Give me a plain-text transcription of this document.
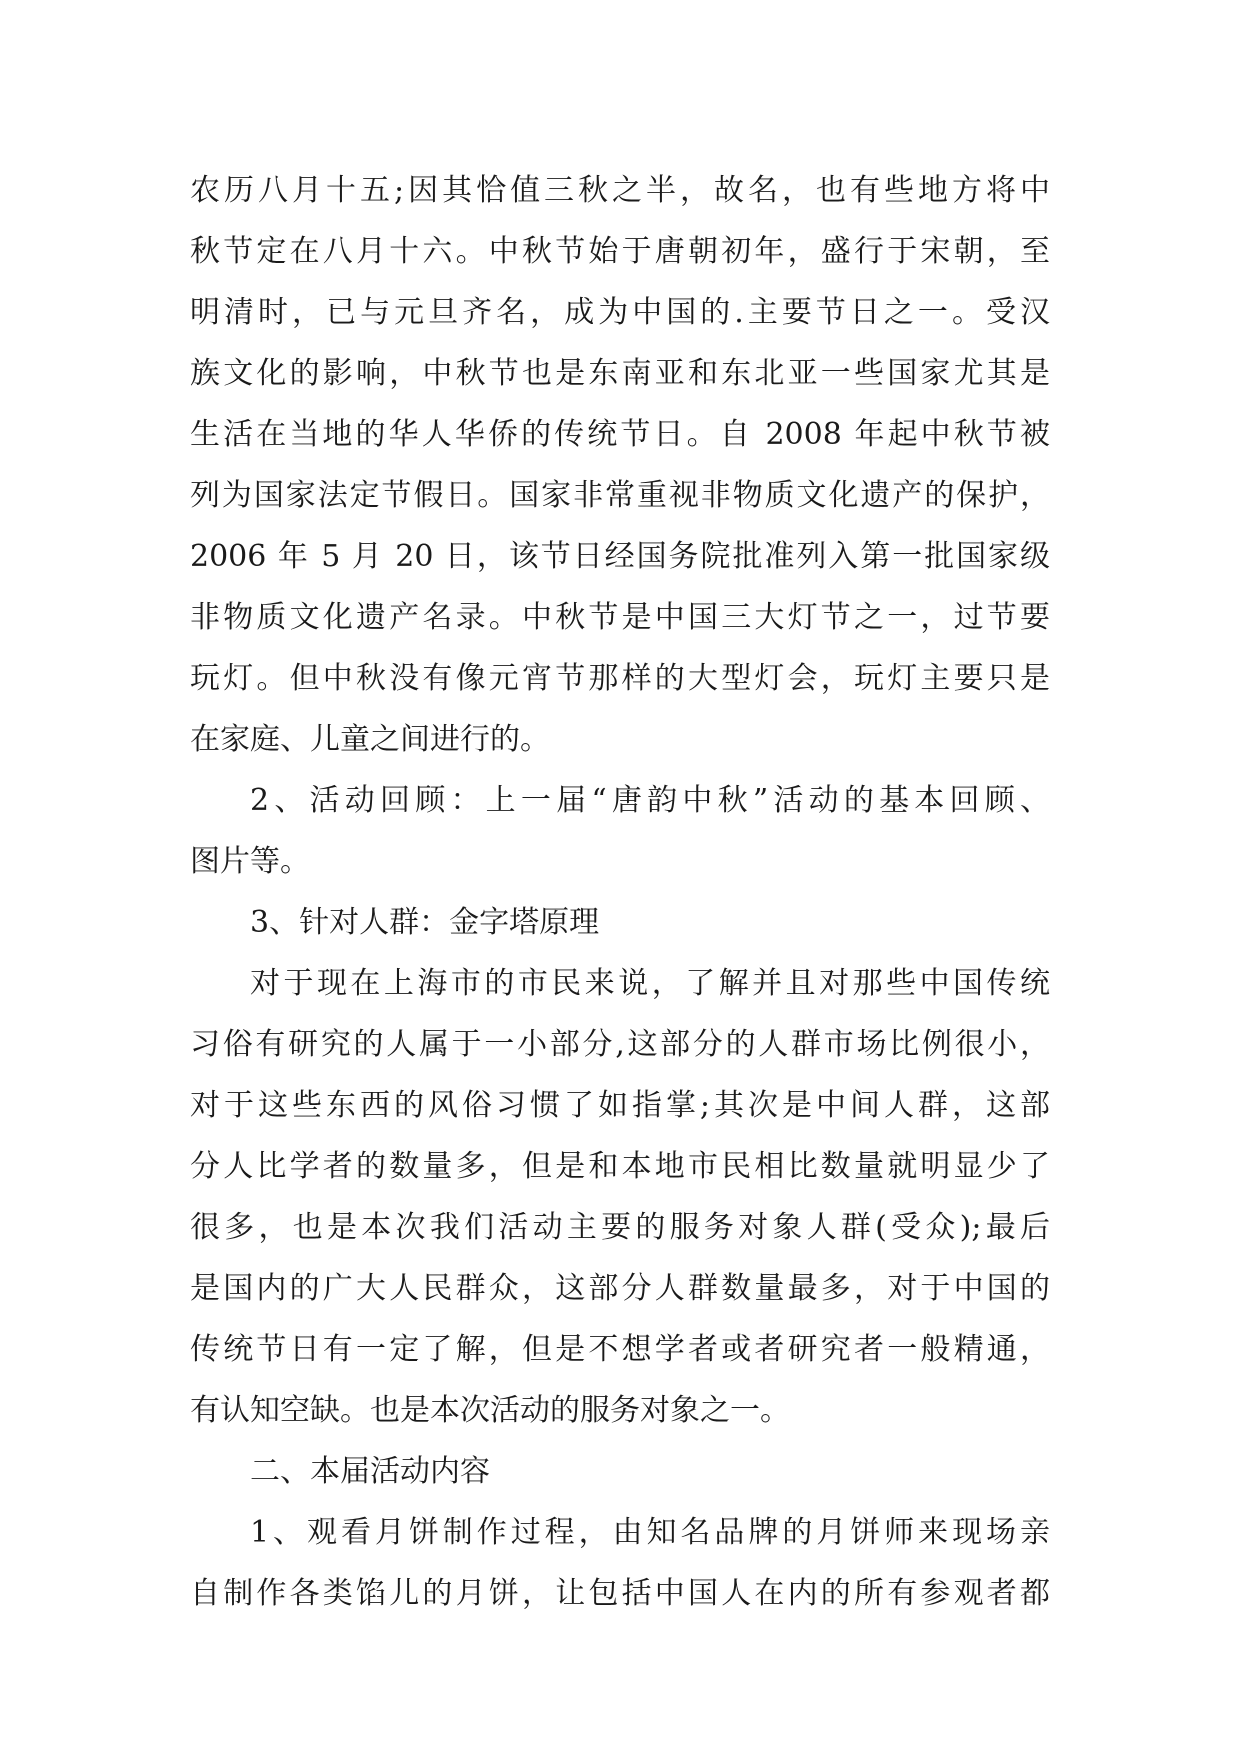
农历八月十五;因其恰值三秋之半，故名，也有些地方将中
秋节定在八月十六。中秋节始于唐朝初年，盛行于宋朝，至
明清时，已与元旦齐名，成为中国的.主要节日之一。受汉
族文化的影响，中秋节也是东南亚和东北亚一些国家尤其是
生活在当地的华人华侨的传统节日。自 2008 年起中秋节被
列为国家法定节假日。国家非常重视非物质文化遗产的保护，
2006 年 5 月 20 日，该节日经国务院批准列入第一批国家级
非物质文化遗产名录。中秋节是中国三大灯节之一，过节要
玩灯。但中秋没有像元宵节那样的大型灯会，玩灯主要只是
在家庭、儿童之间进行的。
2、活动回顾：上一届“唐韵中秋”活动的基本回顾、
图片等。
3、针对人群：金字塔原理
对于现在上海市的市民来说，了解并且对那些中国传统
习俗有研究的人属于一小部分,这部分的人群市场比例很小，
对于这些东西的风俗习惯了如指掌;其次是中间人群，这部
分人比学者的数量多，但是和本地市民相比数量就明显少了
很多，也是本次我们活动主要的服务对象人群(受众);最后
是国内的广大人民群众，这部分人群数量最多，对于中国的
传统节日有一定了解，但是不想学者或者研究者一般精通，
有认知空缺。也是本次活动的服务对象之一。
二、本届活动内容
1、观看月饼制作过程，由知名品牌的月饼师来现场亲
自制作各类馅儿的月饼，让包括中国人在内的所有参观者都
